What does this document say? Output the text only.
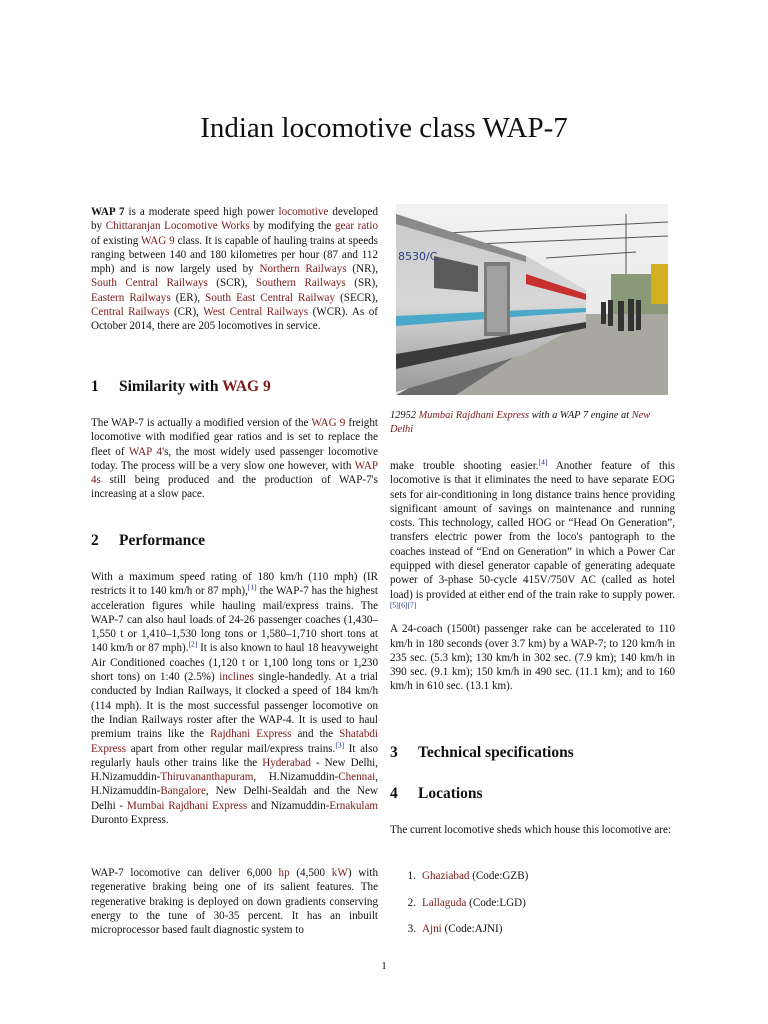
Indian locomotive class WAP-7

WAP 7 is a moderate speed high power locomotive developed by Chittaranjan Locomotive Works by modifying the gear ratio of existing WAG 9 class. It is capable of hauling trains at speeds ranging between 140 and 180 kilometres per hour (87 and 112 mph) and is now largely used by Northern Railways (NR), South Central Railways (SCR), Southern Railways (SR), Eastern Railways (ER), South East Central Railway (SECR), Central Railways (CR), West Central Railways (WCR). As of October 2014, there are 205 locomotives in service.

1 Similarity with WAG 9

The WAP-7 is actually a modified version of the WAG 9 freight locomotive with modified gear ratios and is set to replace the fleet of WAP 4's, the most widely used passenger locomotive today. The process will be a very slow one however, with WAP 4s still being produced and the production of WAP-7's increasing at a slow pace.

2 Performance

With a maximum speed rating of 180 km/h (110 mph) (IR restricts it to 140 km/h or 87 mph),[1] the WAP-7 has the highest acceleration figures while hauling mail/express trains. The WAP-7 can also haul loads of 24-26 passenger coaches (1,430–1,550 t or 1,410–1,530 long tons or 1,580–1,710 short tons at 140 km/h or 87 mph).[2] It is also known to haul 18 heavyweight Air Conditioned coaches (1,120 t or 1,100 long tons or 1,230 short tons) on 1:40 (2.5%) inclines single-handedly. At a trial conducted by Indian Railways, it clocked a speed of 184 km/h (114 mph). It is the most successful passenger locomotive on the Indian Railways roster after the WAP-4. It is used to haul premium trains like the Rajdhani Express and the Shatabdi Express apart from other regular mail/express trains.[3] It also regularly hauls other trains like the Hyderabad - New Delhi, H.Nizamuddin-Thiruvananthapuram, H.Nizamuddin-Chennai, H.Nizamuddin-Bangalore, New Delhi-Sealdah and the New Delhi - Mumbai Rajdhani Express and Nizamuddin-Ernakulam Duronto Express.

WAP-7 locomotive can deliver 6,000 hp (4,500 kW) with regenerative braking being one of its salient features. The regenerative braking is deployed on down gradients conserving energy to the tune of 30-35 percent. It has an inbuilt microprocessor based fault diagnostic system to

8530/C
12952 Mumbai Rajdhani Express with a WAP 7 engine at New Delhi

make trouble shooting easier.[4] Another feature of this locomotive is that it eliminates the need to have separate EOG sets for air-conditioning in long distance trains hence providing significant amount of savings on maintenance and running costs. This technology, called HOG or “Head On Generation”, transfers electric power from the loco's pantograph to the coaches instead of “End on Generation” in which a Power Car equipped with diesel generator capable of generating adequate power of 3-phase 50-cycle 415V/750V AC (called as hotel load) is provided at either end of the train rake to supply power.[5][6][7]

A 24-coach (1500t) passenger rake can be accelerated to 110 km/h in 180 seconds (over 3.7 km) by a WAP-7; to 120 km/h in 235 sec. (5.3 km); 130 km/h in 302 sec. (7.9 km); 140 km/h in 390 sec. (9.1 km); 150 km/h in 490 sec. (11.1 km); and to 160 km/h in 610 sec. (13.1 km).

3 Technical specifications
4 Locations

The current locomotive sheds which house this locomotive are:

1. Ghaziabad (Code:GZB)
2. Lallaguda (Code:LGD)
3. Ajni (Code:AJNI)
1
